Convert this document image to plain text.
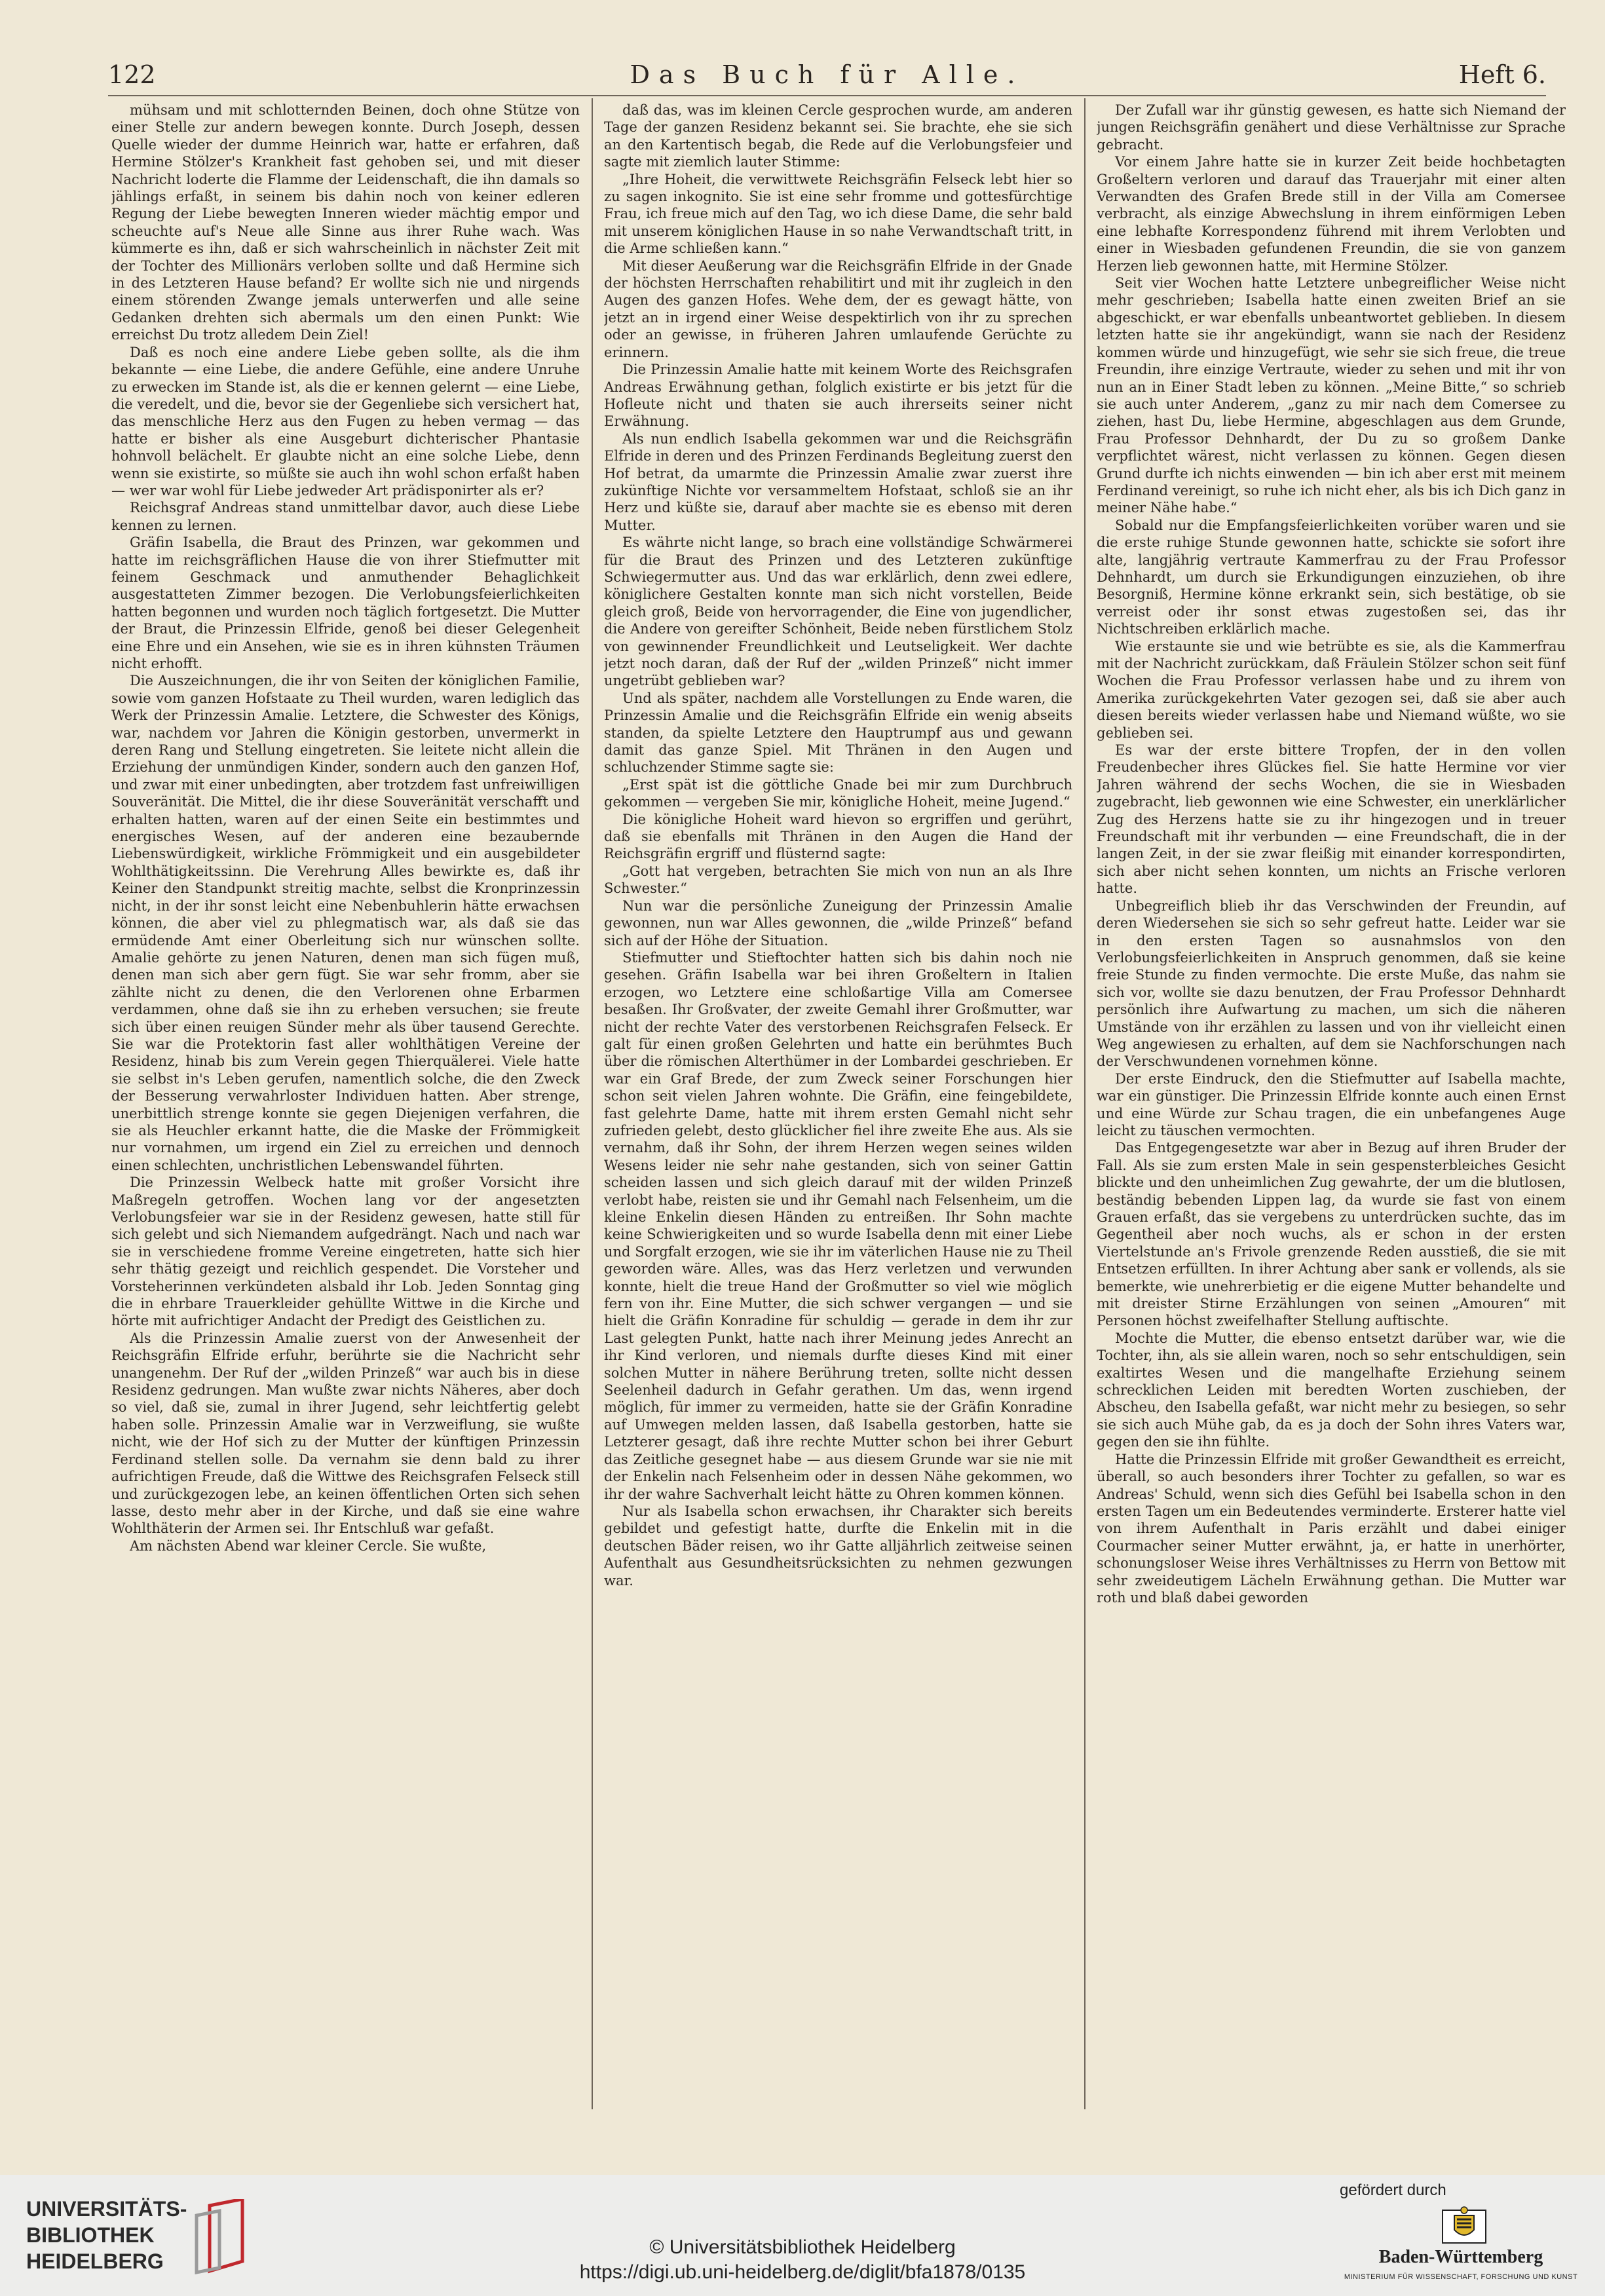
122	Das Buch für Alle.	Heft 6.

mühsam und mit schlotternden Beinen, doch ohne Stütze von einer Stelle zur andern bewegen konnte. Durch Joseph, dessen Quelle wieder der dumme Heinrich war, hatte er erfahren, daß Hermine Stölzer's Krankheit fast gehoben sei, und mit dieser Nachricht loderte die Flamme der Leidenschaft, die ihn damals so jählings erfaßt, in seinem bis dahin noch von keiner edleren Regung der Liebe bewegten Inneren wieder mächtig empor und scheuchte auf's Neue alle Sinne aus ihrer Ruhe wach. Was kümmerte es ihn, daß er sich wahrscheinlich in nächster Zeit mit der Tochter des Millionärs verloben sollte und daß Hermine sich in des Letzteren Hause befand? Er wollte sich nie und nirgends einem störenden Zwange jemals unterwerfen und alle seine Gedanken drehten sich abermals um den einen Punkt: Wie erreichst Du trotz alledem Dein Ziel!

Daß es noch eine andere Liebe geben sollte, als die ihm bekannte — eine Liebe, die andere Gefühle, eine andere Unruhe zu erwecken im Stande ist, als die er kennen gelernt — eine Liebe, die veredelt, und die, bevor sie der Gegenliebe sich versichert hat, das menschliche Herz aus den Fugen zu heben vermag — das hatte er bisher als eine Ausgeburt dichterischer Phantasie hohnvoll belächelt. Er glaubte nicht an eine solche Liebe, denn wenn sie existirte, so müßte sie auch ihn wohl schon erfaßt haben — wer war wohl für Liebe jedweder Art prädisponirter als er?

Reichsgraf Andreas stand unmittelbar davor, auch diese Liebe kennen zu lernen.

Gräfin Isabella, die Braut des Prinzen, war gekommen und hatte im reichsgräflichen Hause die von ihrer Stiefmutter mit feinem Geschmack und anmuthender Behaglichkeit ausgestatteten Zimmer bezogen. Die Verlobungsfeierlichkeiten hatten begonnen und wurden noch täglich fortgesetzt. Die Mutter der Braut, die Prinzessin Elfride, genoß bei dieser Gelegenheit eine Ehre und ein Ansehen, wie sie es in ihren kühnsten Träumen nicht erhofft.

Die Auszeichnungen, die ihr von Seiten der königlichen Familie, sowie vom ganzen Hofstaate zu Theil wurden, waren lediglich das Werk der Prinzessin Amalie. Letztere, die Schwester des Königs, war, nachdem vor Jahren die Königin gestorben, unvermerkt in deren Rang und Stellung eingetreten. Sie leitete nicht allein die Erziehung der unmündigen Kinder, sondern auch den ganzen Hof, und zwar mit einer unbedingten, aber trotzdem fast unfreiwilligen Souveränität. Die Mittel, die ihr diese Souveränität verschafft und erhalten hatten, waren auf der einen Seite ein bestimmtes und energisches Wesen, auf der anderen eine bezaubernde Liebenswürdigkeit, wirkliche Frömmigkeit und ein ausgebildeter Wohlthätigkeitssinn. Die Verehrung Alles bewirkte es, daß ihr Keiner den Standpunkt streitig machte, selbst die Kronprinzessin nicht, in der ihr sonst leicht eine Nebenbuhlerin hätte erwachsen können, die aber viel zu phlegmatisch war, als daß sie das ermüdende Amt einer Oberleitung sich nur wünschen sollte. Amalie gehörte zu jenen Naturen, denen man sich fügen muß, denen man sich aber gern fügt. Sie war sehr fromm, aber sie zählte nicht zu denen, die den Verlorenen ohne Erbarmen verdammen, ohne daß sie ihn zu erheben versuchen; sie freute sich über einen reuigen Sünder mehr als über tausend Gerechte. Sie war die Protektorin fast aller wohlthätigen Vereine der Residenz, hinab bis zum Verein gegen Thierquälerei. Viele hatte sie selbst in's Leben gerufen, namentlich solche, die den Zweck der Besserung verwahrloster Individuen hatten. Aber strenge, unerbittlich strenge konnte sie gegen Diejenigen verfahren, die sie als Heuchler erkannt hatte, die die Maske der Frömmigkeit nur vornahmen, um irgend ein Ziel zu erreichen und dennoch einen schlechten, unchristlichen Lebenswandel führten.

Die Prinzessin Welbeck hatte mit großer Vorsicht ihre Maßregeln getroffen. Wochen lang vor der angesetzten Verlobungsfeier war sie in der Residenz gewesen, hatte still für sich gelebt und sich Niemandem aufgedrängt. Nach und nach war sie in verschiedene fromme Vereine eingetreten, hatte sich hier sehr thätig gezeigt und reichlich gespendet. Die Vorsteher und Vorsteherinnen verkündeten alsbald ihr Lob. Jeden Sonntag ging die in ehrbare Trauerkleider gehüllte Wittwe in die Kirche und hörte mit aufrichtiger Andacht der Predigt des Geistlichen zu.

Als die Prinzessin Amalie zuerst von der Anwesenheit der Reichsgräfin Elfride erfuhr, berührte sie die Nachricht sehr unangenehm. Der Ruf der „wilden Prinzeß“ war auch bis in diese Residenz gedrungen. Man wußte zwar nichts Näheres, aber doch so viel, daß sie, zumal in ihrer Jugend, sehr leichtfertig gelebt haben solle. Prinzessin Amalie war in Verzweiflung, sie wußte nicht, wie der Hof sich zu der Mutter der künftigen Prinzessin Ferdinand stellen solle. Da vernahm sie denn bald zu ihrer aufrichtigen Freude, daß die Wittwe des Reichsgrafen Felseck still und zurückgezogen lebe, an keinen öffentlichen Orten sich sehen lasse, desto mehr aber in der Kirche, und daß sie eine wahre Wohlthäterin der Armen sei. Ihr Entschluß war gefaßt.

Am nächsten Abend war kleiner Cercle. Sie wußte,

daß das, was im kleinen Cercle gesprochen wurde, am anderen Tage der ganzen Residenz bekannt sei. Sie brachte, ehe sie sich an den Kartentisch begab, die Rede auf die Verlobungsfeier und sagte mit ziemlich lauter Stimme:

„Ihre Hoheit, die verwittwete Reichsgräfin Felseck lebt hier so zu sagen inkognito. Sie ist eine sehr fromme und gottesfürchtige Frau, ich freue mich auf den Tag, wo ich diese Dame, die sehr bald mit unserem königlichen Hause in so nahe Verwandtschaft tritt, in die Arme schließen kann.“

Mit dieser Aeußerung war die Reichsgräfin Elfride in der Gnade der höchsten Herrschaften rehabilitirt und mit ihr zugleich in den Augen des ganzen Hofes. Wehe dem, der es gewagt hätte, von jetzt an in irgend einer Weise despektirlich von ihr zu sprechen oder an gewisse, in früheren Jahren umlaufende Gerüchte zu erinnern.

Die Prinzessin Amalie hatte mit keinem Worte des Reichsgrafen Andreas Erwähnung gethan, folglich existirte er bis jetzt für die Hofleute nicht und thaten sie auch ihrerseits seiner nicht Erwähnung.

Als nun endlich Isabella gekommen war und die Reichsgräfin Elfride in deren und des Prinzen Ferdinands Begleitung zuerst den Hof betrat, da umarmte die Prinzessin Amalie zwar zuerst ihre zukünftige Nichte vor versammeltem Hofstaat, schloß sie an ihr Herz und küßte sie, darauf aber machte sie es ebenso mit deren Mutter.

Es währte nicht lange, so brach eine vollständige Schwärmerei für die Braut des Prinzen und des Letzteren zukünftige Schwiegermutter aus. Und das war erklärlich, denn zwei edlere, königlichere Gestalten konnte man sich nicht vorstellen, Beide gleich groß, Beide von hervorragender, die Eine von jugendlicher, die Andere von gereifter Schönheit, Beide neben fürstlichem Stolz von gewinnender Freundlichkeit und Leutseligkeit. Wer dachte jetzt noch daran, daß der Ruf der „wilden Prinzeß“ nicht immer ungetrübt geblieben war?

Und als später, nachdem alle Vorstellungen zu Ende waren, die Prinzessin Amalie und die Reichsgräfin Elfride ein wenig abseits standen, da spielte Letztere den Hauptrumpf aus und gewann damit das ganze Spiel. Mit Thränen in den Augen und schluchzender Stimme sagte sie:

„Erst spät ist die göttliche Gnade bei mir zum Durchbruch gekommen — vergeben Sie mir, königliche Hoheit, meine Jugend.“

Die königliche Hoheit ward hievon so ergriffen und gerührt, daß sie ebenfalls mit Thränen in den Augen die Hand der Reichsgräfin ergriff und flüsternd sagte:

„Gott hat vergeben, betrachten Sie mich von nun an als Ihre Schwester.“

Nun war die persönliche Zuneigung der Prinzessin Amalie gewonnen, nun war Alles gewonnen, die „wilde Prinzeß“ befand sich auf der Höhe der Situation.

Stiefmutter und Stieftochter hatten sich bis dahin noch nie gesehen. Gräfin Isabella war bei ihren Großeltern in Italien erzogen, wo Letztere eine schloßartige Villa am Comersee besaßen. Ihr Großvater, der zweite Gemahl ihrer Großmutter, war nicht der rechte Vater des verstorbenen Reichsgrafen Felseck. Er galt für einen großen Gelehrten und hatte ein berühmtes Buch über die römischen Alterthümer in der Lombardei geschrieben. Er war ein Graf Brede, der zum Zweck seiner Forschungen hier schon seit vielen Jahren wohnte. Die Gräfin, eine feingebildete, fast gelehrte Dame, hatte mit ihrem ersten Gemahl nicht sehr zufrieden gelebt, desto glücklicher fiel ihre zweite Ehe aus. Als sie vernahm, daß ihr Sohn, der ihrem Herzen wegen seines wilden Wesens leider nie sehr nahe gestanden, sich von seiner Gattin scheiden lassen und sich gleich darauf mit der wilden Prinzeß verlobt habe, reisten sie und ihr Gemahl nach Felsenheim, um die kleine Enkelin diesen Händen zu entreißen. Ihr Sohn machte keine Schwierigkeiten und so wurde Isabella denn mit einer Liebe und Sorgfalt erzogen, wie sie ihr im väterlichen Hause nie zu Theil geworden wäre. Alles, was das Herz verletzen und verwunden konnte, hielt die treue Hand der Großmutter so viel wie möglich fern von ihr. Eine Mutter, die sich schwer vergangen — und sie hielt die Gräfin Konradine für schuldig — gerade in dem ihr zur Last gelegten Punkt, hatte nach ihrer Meinung jedes Anrecht an ihr Kind verloren, und niemals durfte dieses Kind mit einer solchen Mutter in nähere Berührung treten, sollte nicht dessen Seelenheil dadurch in Gefahr gerathen. Um das, wenn irgend möglich, für immer zu vermeiden, hatte sie der Gräfin Konradine auf Umwegen melden lassen, daß Isabella gestorben, hatte sie Letzterer gesagt, daß ihre rechte Mutter schon bei ihrer Geburt das Zeitliche gesegnet habe — aus diesem Grunde war sie nie mit der Enkelin nach Felsenheim oder in dessen Nähe gekommen, wo ihr der wahre Sachverhalt leicht hätte zu Ohren kommen können.

Nur als Isabella schon erwachsen, ihr Charakter sich bereits gebildet und gefestigt hatte, durfte die Enkelin mit in die deutschen Bäder reisen, wo ihr Gatte alljährlich zeitweise seinen Aufenthalt aus Gesundheitsrücksichten zu nehmen gezwungen war.

Der Zufall war ihr günstig gewesen, es hatte sich Niemand der jungen Reichsgräfin genähert und diese Verhältnisse zur Sprache gebracht.

Vor einem Jahre hatte sie in kurzer Zeit beide hochbetagten Großeltern verloren und darauf das Trauerjahr mit einer alten Verwandten des Grafen Brede still in der Villa am Comersee verbracht, als einzige Abwechslung in ihrem einförmigen Leben eine lebhafte Korrespondenz führend mit ihrem Verlobten und einer in Wiesbaden gefundenen Freundin, die sie von ganzem Herzen lieb gewonnen hatte, mit Hermine Stölzer.

Seit vier Wochen hatte Letztere unbegreiflicher Weise nicht mehr geschrieben; Isabella hatte einen zweiten Brief an sie abgeschickt, er war ebenfalls unbeantwortet geblieben. In diesem letzten hatte sie ihr angekündigt, wann sie nach der Residenz kommen würde und hinzugefügt, wie sehr sie sich freue, die treue Freundin, ihre einzige Vertraute, wieder zu sehen und mit ihr von nun an in Einer Stadt leben zu können. „Meine Bitte,“ so schrieb sie auch unter Anderem, „ganz zu mir nach dem Comersee zu ziehen, hast Du, liebe Hermine, abgeschlagen aus dem Grunde, Frau Professor Dehnhardt, der Du zu so großem Danke verpflichtet wärest, nicht verlassen zu können. Gegen diesen Grund durfte ich nichts einwenden — bin ich aber erst mit meinem Ferdinand vereinigt, so ruhe ich nicht eher, als bis ich Dich ganz in meiner Nähe habe.“

Sobald nur die Empfangsfeierlichkeiten vorüber waren und sie die erste ruhige Stunde gewonnen hatte, schickte sie sofort ihre alte, langjährig vertraute Kammerfrau zu der Frau Professor Dehnhardt, um durch sie Erkundigungen einzuziehen, ob ihre Besorgniß, Hermine könne erkrankt sein, sich bestätige, ob sie verreist oder ihr sonst etwas zugestoßen sei, das ihr Nichtschreiben erklärlich mache.

Wie erstaunte sie und wie betrübte es sie, als die Kammerfrau mit der Nachricht zurückkam, daß Fräulein Stölzer schon seit fünf Wochen die Frau Professor verlassen habe und zu ihrem von Amerika zurückgekehrten Vater gezogen sei, daß sie aber auch diesen bereits wieder verlassen habe und Niemand wüßte, wo sie geblieben sei.

Es war der erste bittere Tropfen, der in den vollen Freudenbecher ihres Glückes fiel. Sie hatte Hermine vor vier Jahren während der sechs Wochen, die sie in Wiesbaden zugebracht, lieb gewonnen wie eine Schwester, ein unerklärlicher Zug des Herzens hatte sie zu ihr hingezogen und in treuer Freundschaft mit ihr verbunden — eine Freundschaft, die in der langen Zeit, in der sie zwar fleißig mit einander korrespondirten, sich aber nicht sehen konnten, um nichts an Frische verloren hatte.

Unbegreiflich blieb ihr das Verschwinden der Freundin, auf deren Wiedersehen sie sich so sehr gefreut hatte. Leider war sie in den ersten Tagen so ausnahmslos von den Verlobungsfeierlichkeiten in Anspruch genommen, daß sie keine freie Stunde zu finden vermochte. Die erste Muße, das nahm sie sich vor, wollte sie dazu benutzen, der Frau Professor Dehnhardt persönlich ihre Aufwartung zu machen, um sich die näheren Umstände von ihr erzählen zu lassen und von ihr vielleicht einen Weg angewiesen zu erhalten, auf dem sie Nachforschungen nach der Verschwundenen vornehmen könne.

Der erste Eindruck, den die Stiefmutter auf Isabella machte, war ein günstiger. Die Prinzessin Elfride konnte auch einen Ernst und eine Würde zur Schau tragen, die ein unbefangenes Auge leicht zu täuschen vermochten.

Das Entgegengesetzte war aber in Bezug auf ihren Bruder der Fall. Als sie zum ersten Male in sein gespensterbleiches Gesicht blickte und den unheimlichen Zug gewahrte, der um die blutlosen, beständig bebenden Lippen lag, da wurde sie fast von einem Grauen erfaßt, das sie vergebens zu unterdrücken suchte, das im Gegentheil aber noch wuchs, als er schon in der ersten Viertelstunde an's Frivole grenzende Reden ausstieß, die sie mit Entsetzen erfüllten. In ihrer Achtung aber sank er vollends, als sie bemerkte, wie unehrerbietig er die eigene Mutter behandelte und mit dreister Stirne Erzählungen von seinen „Amouren“ mit Personen höchst zweifelhafter Stellung auftischte.

Mochte die Mutter, die ebenso entsetzt darüber war, wie die Tochter, ihn, als sie allein waren, noch so sehr entschuldigen, sein exaltirtes Wesen und die mangelhafte Erziehung seinem schrecklichen Leiden mit beredten Worten zuschieben, der Abscheu, den Isabella gefaßt, war nicht mehr zu besiegen, so sehr sie sich auch Mühe gab, da es ja doch der Sohn ihres Vaters war, gegen den sie ihn fühlte.

Hatte die Prinzessin Elfride mit großer Gewandtheit es erreicht, überall, so auch besonders ihrer Tochter zu gefallen, so war es Andreas' Schuld, wenn sich dies Gefühl bei Isabella schon in den ersten Tagen um ein Bedeutendes verminderte. Ersterer hatte viel von ihrem Aufenthalt in Paris erzählt und dabei einiger Courmacher seiner Mutter erwähnt, ja, er hatte in unerhörter, schonungsloser Weise ihres Verhältnisses zu Herrn von Bettow mit sehr zweideutigem Lächeln Erwähnung gethan. Die Mutter war roth und blaß dabei geworden

UNIVERSITÄTS-
BIBLIOTHEK
HEIDELBERG
© Universitätsbibliothek Heidelberg
https://digi.ub.uni-heidelberg.de/diglit/bfa1878/0135
gefördert durch
Baden-Württemberg
MINISTERIUM FÜR WISSENSCHAFT, FORSCHUNG UND KUNST
